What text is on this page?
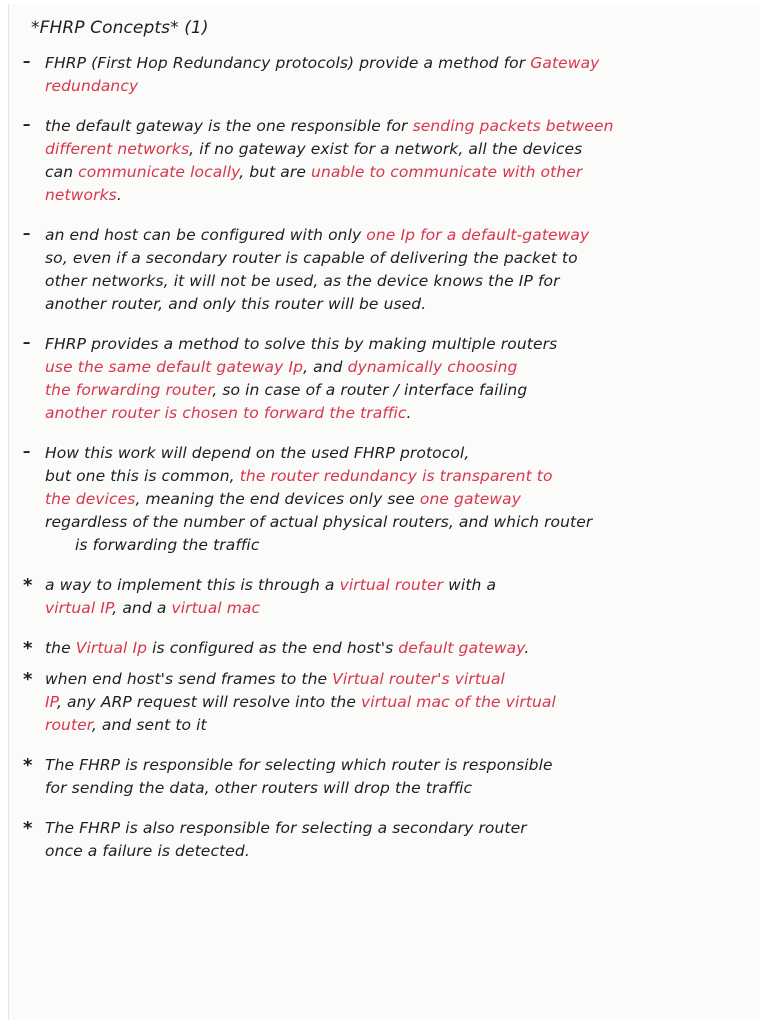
*FHRP Concepts* (1)
– FHRP (First Hop Redundancy protocols) provide a method for Gateway
redundancy
– the default gateway is the one responsible for sending packets between
different networks, if no gateway exist for a network, all the devices
can communicate locally, but are unable to communicate with other
networks.
– an end host can be configured with only one Ip for a default-gateway
so, even if a secondary router is capable of delivering the packet to
other networks, it will not be used, as the device knows the IP for
another router, and only this router will be used.
– FHRP provides a method to solve this by making multiple routers
use the same default gateway Ip, and dynamically choosing
the forwarding router, so in case of a router / interface failing
another router is chosen to forward the traffic.
– How this work will depend on the used FHRP protocol,
but one this is common, the router redundancy is transparent to
the devices, meaning the end devices only see one gateway
regardless of the number of actual physical routers, and which router
is forwarding the traffic
* a way to implement this is through a virtual router with a
virtual IP, and a virtual mac
* the Virtual Ip is configured as the end host's default gateway.
* when end host's send frames to the Virtual router's virtual
IP, any ARP request will resolve into the virtual mac of the virtual
router, and sent to it
* The FHRP is responsible for selecting which router is responsible
for sending the data, other routers will drop the traffic
* The FHRP is also responsible for selecting a secondary router
once a failure is detected.
